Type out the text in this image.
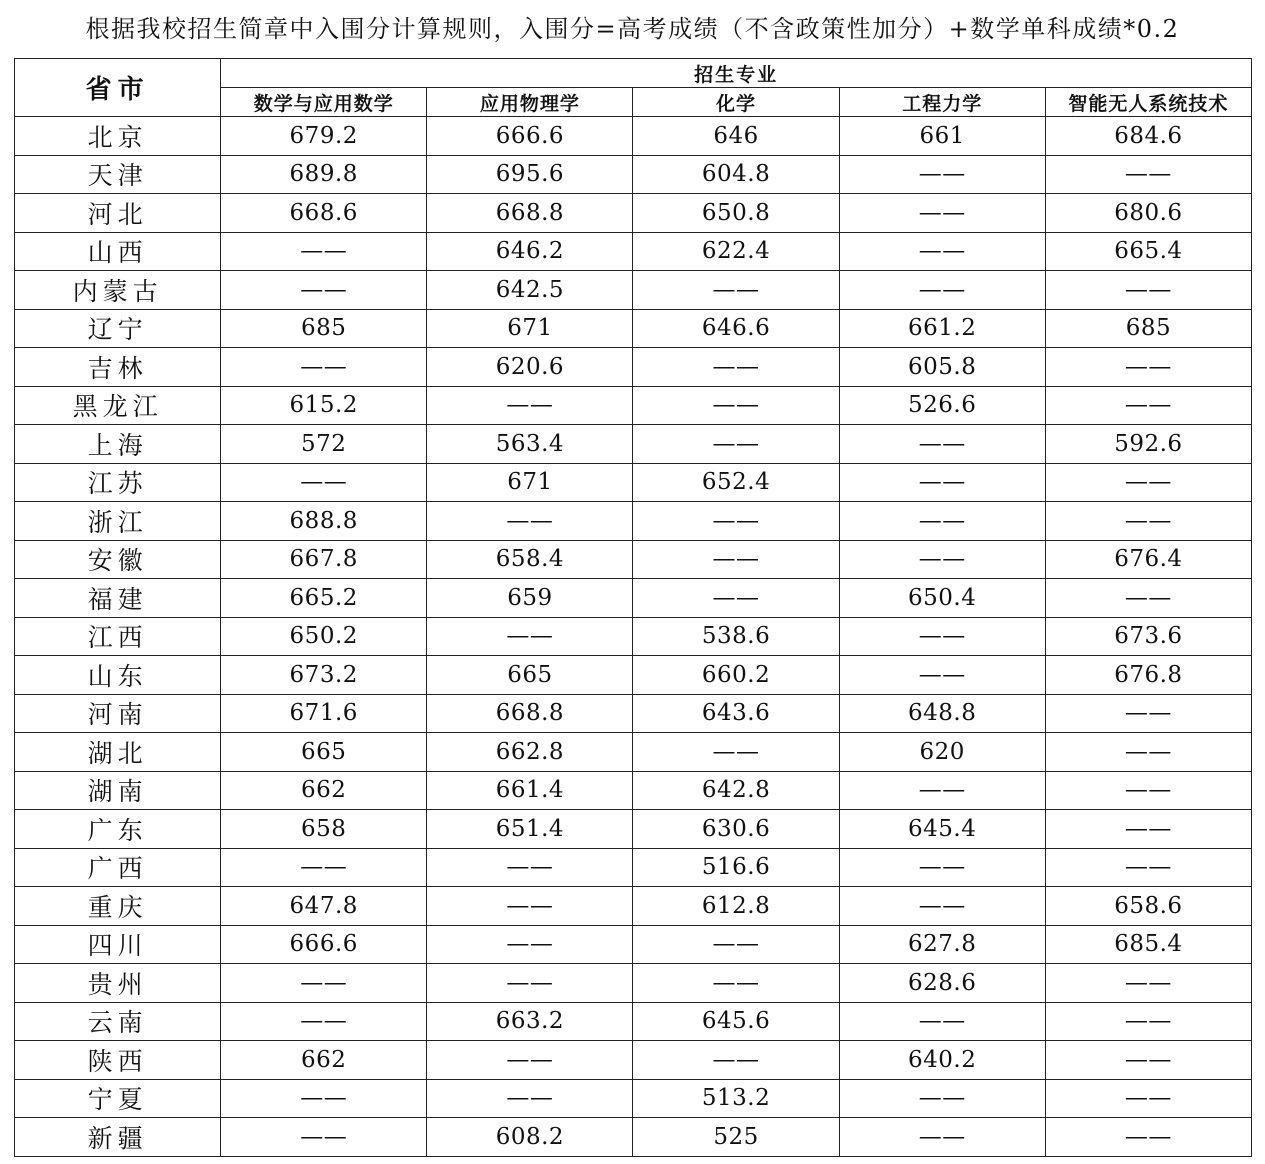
根据我校招生简章中入围分计算规则，入围分=高考成绩（不含政策性加分）+数学单科成绩*0.2
省市	招生专业				
	数学与应用数学	应用物理学	化学	工程力学	智能无人系统技术
北京	679.2	666.6	646	661	684.6
天津	689.8	695.6	604.8	——	——
河北	668.6	668.8	650.8	——	680.6
山西	——	646.2	622.4	——	665.4
内蒙古	——	642.5	——	——	——
辽宁	685	671	646.6	661.2	685
吉林	——	620.6	——	605.8	——
黑龙江	615.2	——	——	526.6	——
上海	572	563.4	——	——	592.6
江苏	——	671	652.4	——	——
浙江	688.8	——	——	——	——
安徽	667.8	658.4	——	——	676.4
福建	665.2	659	——	650.4	——
江西	650.2	——	538.6	——	673.6
山东	673.2	665	660.2	——	676.8
河南	671.6	668.8	643.6	648.8	——
湖北	665	662.8	——	620	——
湖南	662	661.4	642.8	——	——
广东	658	651.4	630.6	645.4	——
广西	——	——	516.6	——	——
重庆	647.8	——	612.8	——	658.6
四川	666.6	——	——	627.8	685.4
贵州	——	——	——	628.6	——
云南	——	663.2	645.6	——	——
陕西	662	——	——	640.2	——
宁夏	——	——	513.2	——	——
新疆	——	608.2	525	——	——
